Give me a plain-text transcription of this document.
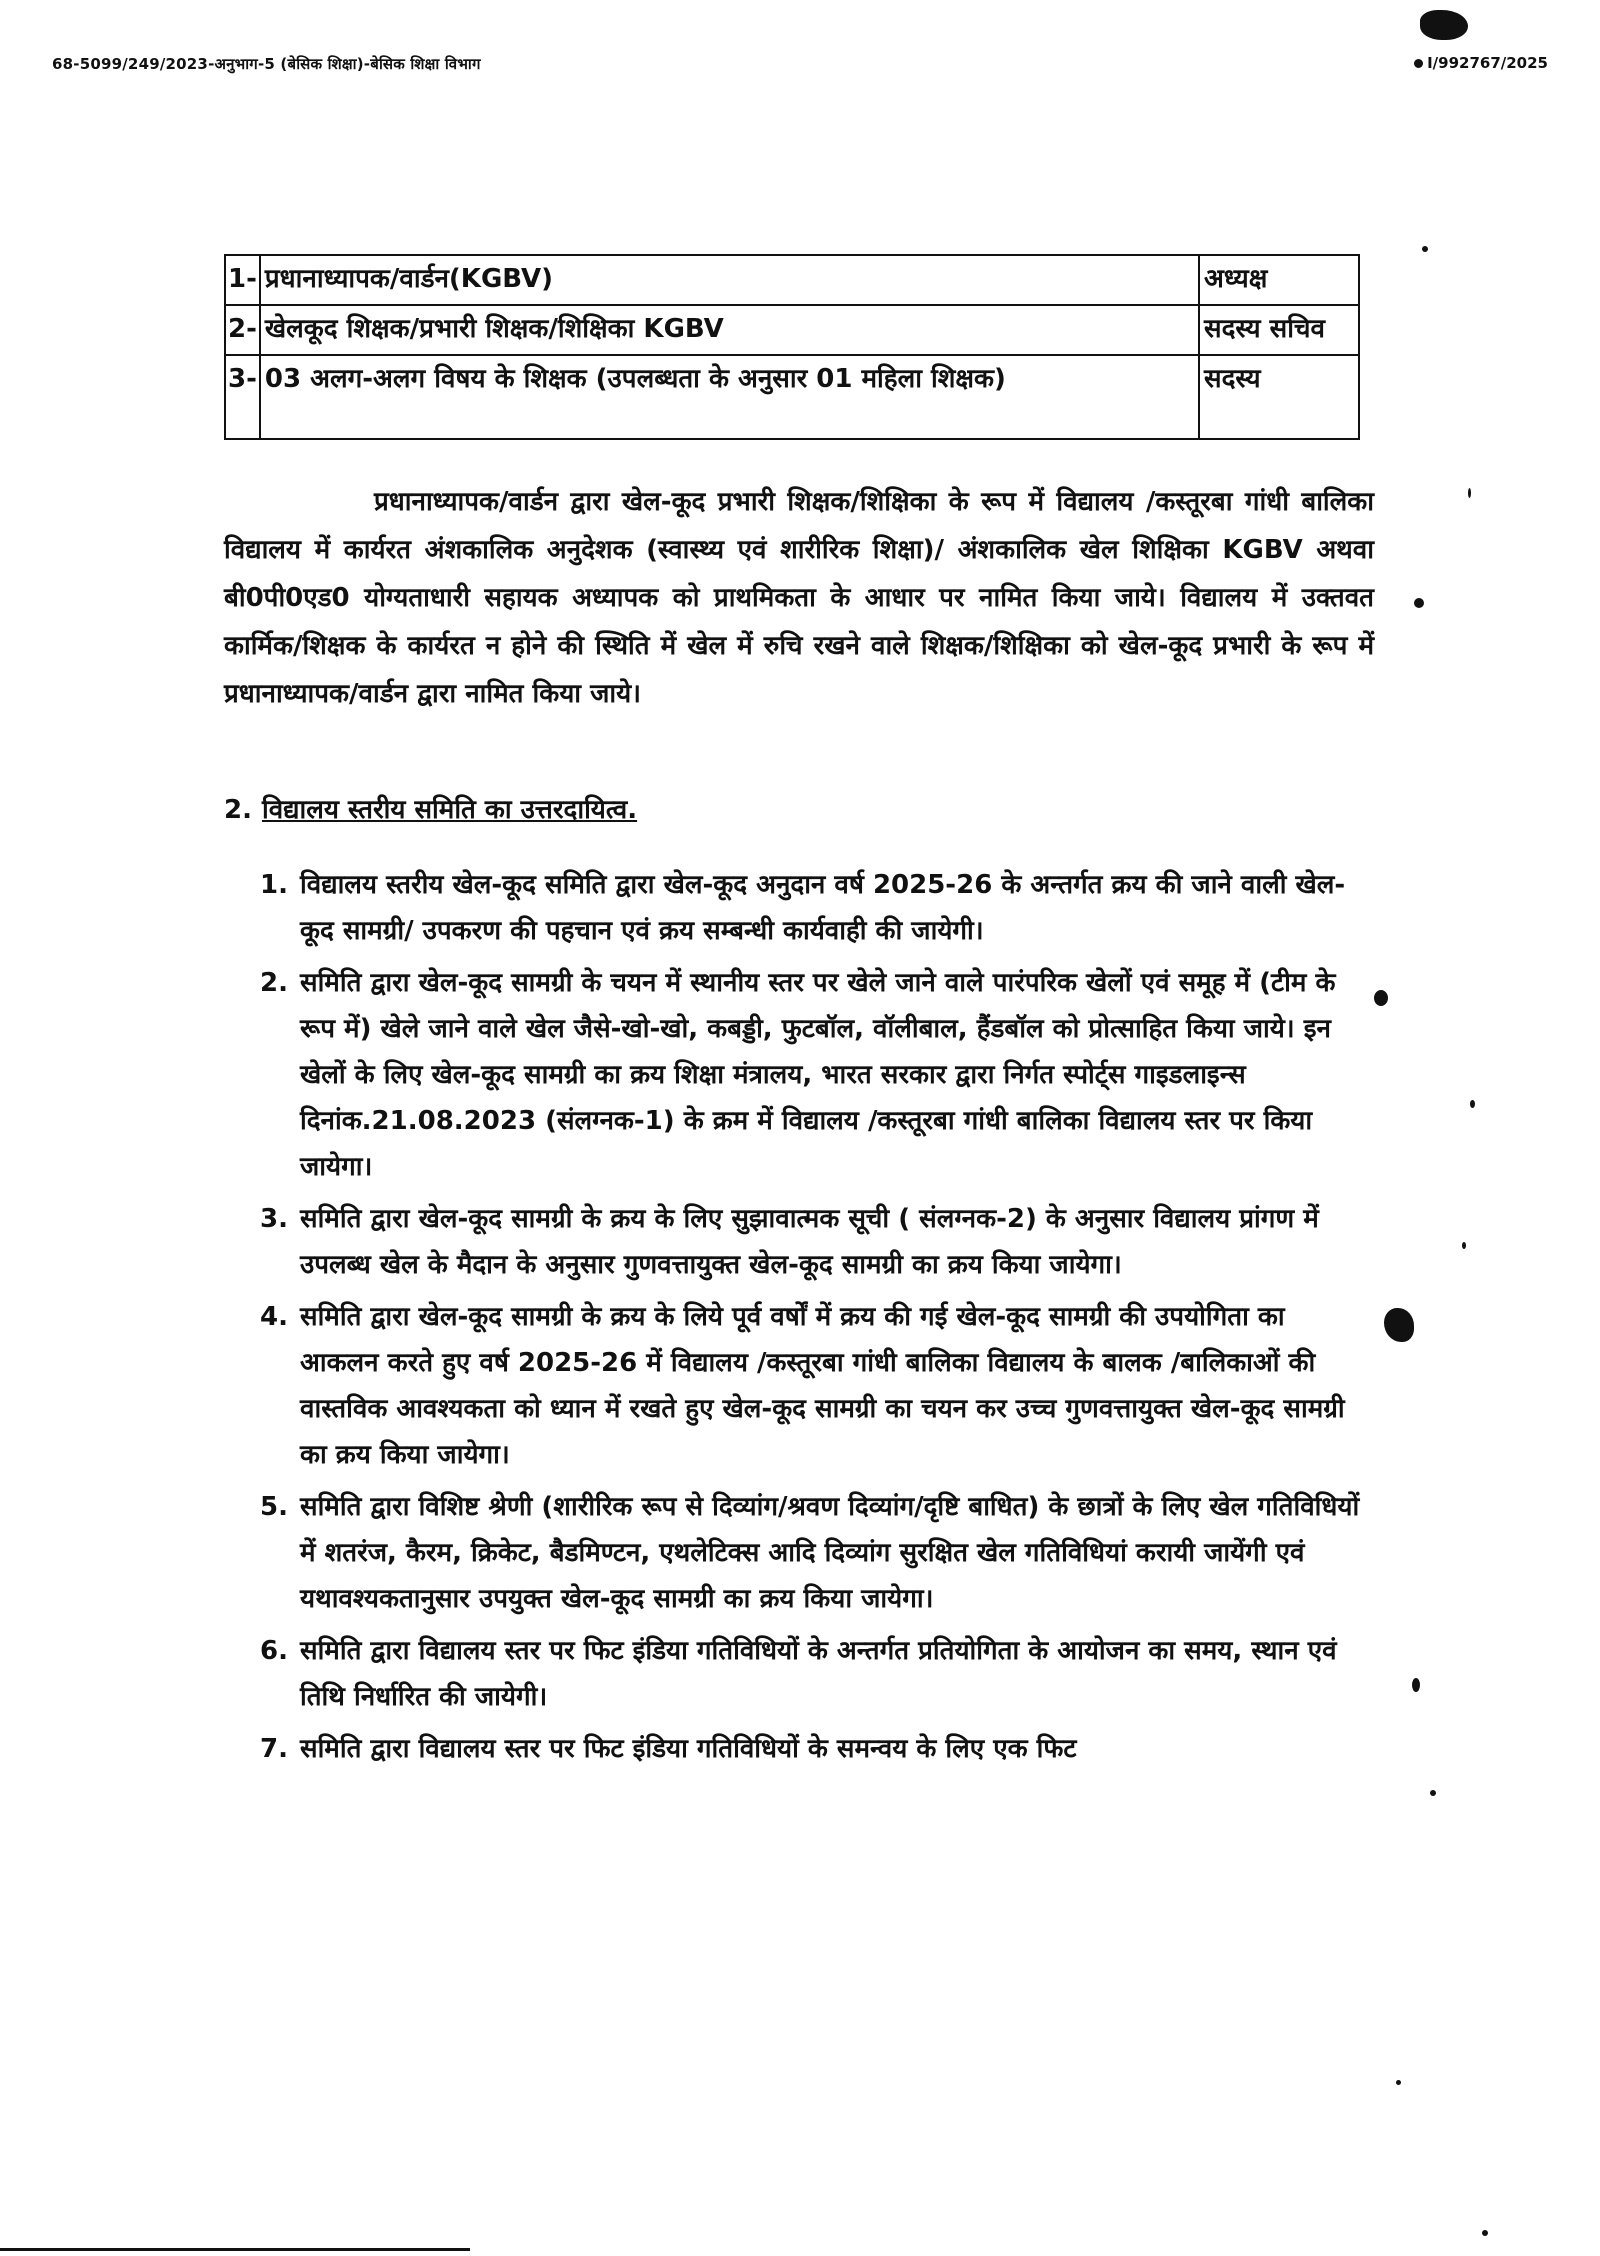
68-5099/249/2023-अनुभाग-5 (बेसिक शिक्षा)-बेसिक शिक्षा विभाग	I/992767/2025
1-	प्रधानाध्यापक/वार्डन(KGBV)	अध्यक्ष
2-	खेलकूद शिक्षक/प्रभारी शिक्षक/शिक्षिका KGBV	सदस्य सचिव
3-	03 अलग-अलग विषय के शिक्षक (उपलब्धता के अनुसार 01 महिला शिक्षक)	सदस्य

प्रधानाध्यापक/वार्डन द्वारा खेल-कूद प्रभारी शिक्षक/शिक्षिका के रूप में विद्यालय /कस्तूरबा गांधी बालिका विद्यालय में कार्यरत अंशकालिक अनुदेशक (स्वास्थ्य एवं शारीरिक शिक्षा)/ अंशकालिक खेल शिक्षिका KGBV अथवा बी0पी0एड0 योग्यताधारी सहायक अध्यापक को प्राथमिकता के आधार पर नामित किया जाये। विद्यालय में उक्तवत कार्मिक/शिक्षक के कार्यरत न होने की स्थिति में खेल में रुचि रखने वाले शिक्षक/शिक्षिका को खेल-कूद प्रभारी के रूप में प्रधानाध्यापक/वार्डन द्वारा नामित किया जाये।

2. विद्यालय स्तरीय समिति का उत्तरदायित्व.
1. विद्यालय स्तरीय खेल-कूद समिति द्वारा खेल-कूद अनुदान वर्ष 2025-26 के अन्तर्गत क्रय की जाने वाली खेल-कूद सामग्री/ उपकरण की पहचान एवं क्रय सम्बन्धी कार्यवाही की जायेगी।
2. समिति द्वारा खेल-कूद सामग्री के चयन में स्थानीय स्तर पर खेले जाने वाले पारंपरिक खेलों एवं समूह में (टीम के रूप में) खेले जाने वाले खेल जैसे-खो-खो, कबड्डी, फुटबॉल, वॉलीबाल, हैंडबॉल को प्रोत्साहित किया जाये। इन खेलों के लिए खेल-कूद सामग्री का क्रय शिक्षा मंत्रालय, भारत सरकार द्वारा निर्गत स्पोर्ट्स गाइडलाइन्स दिनांक.21.08.2023 (संलग्नक-1) के क्रम में विद्यालय /कस्तूरबा गांधी बालिका विद्यालय स्तर पर किया जायेगा।
3. समिति द्वारा खेल-कूद सामग्री के क्रय के लिए सुझावात्मक सूची ( संलग्नक-2) के अनुसार विद्यालय प्रांगण में उपलब्ध खेल के मैदान के अनुसार गुणवत्तायुक्त खेल-कूद सामग्री का क्रय किया जायेगा।
4. समिति द्वारा खेल-कूद सामग्री के क्रय के लिये पूर्व वर्षों में क्रय की गई खेल-कूद सामग्री की उपयोगिता का आकलन करते हुए वर्ष 2025-26 में विद्यालय /कस्तूरबा गांधी बालिका विद्यालय के बालक /बालिकाओं की वास्तविक आवश्यकता को ध्यान में रखते हुए खेल-कूद सामग्री का चयन कर उच्च गुणवत्तायुक्त खेल-कूद सामग्री का क्रय किया जायेगा।
5. समिति द्वारा विशिष्ट श्रेणी (शारीरिक रूप से दिव्यांग/श्रवण दिव्यांग/दृष्टि बाधित) के छात्रों के लिए खेल गतिविधियों में शतरंज, कैरम, क्रिकेट, बैडमिण्टन, एथलेटिक्स आदि दिव्यांग सुरक्षित खेल गतिविधियां करायी जायेंगी एवं यथावश्यकतानुसार उपयुक्त खेल-कूद सामग्री का क्रय किया जायेगा।
6. समिति द्वारा विद्यालय स्तर पर फिट इंडिया गतिविधियों के अन्तर्गत प्रतियोगिता के आयोजन का समय, स्थान एवं तिथि निर्धारित की जायेगी।
7. समिति द्वारा विद्यालय स्तर पर फिट इंडिया गतिविधियों के समन्वय के लिए एक फिट
